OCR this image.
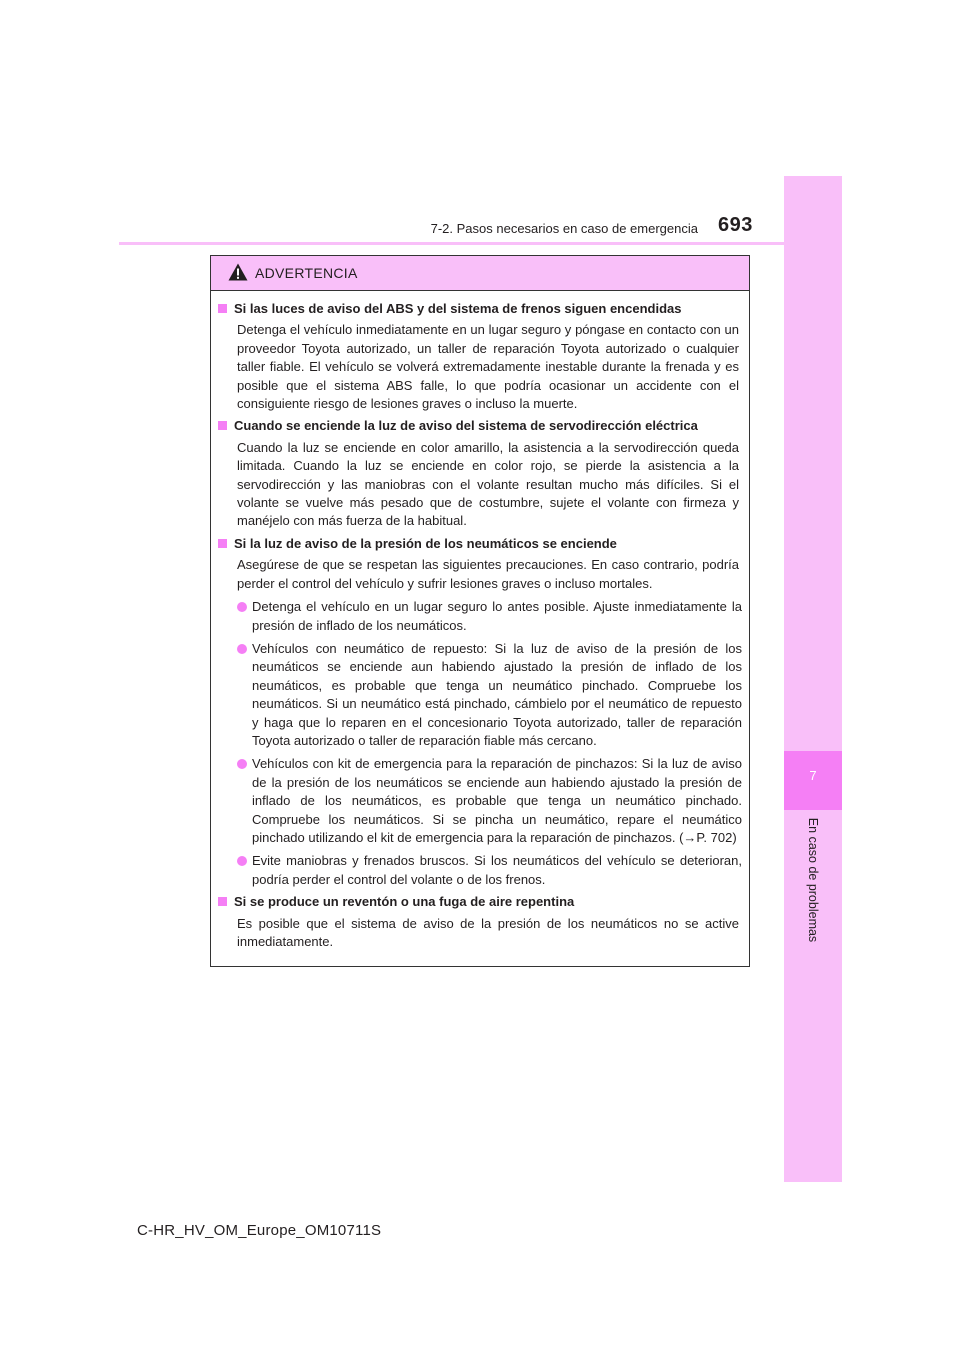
7
En caso de problemas
7-2. Pasos necesarios en caso de emergencia 693
ADVERTENCIA
Si las luces de aviso del ABS y del sistema de frenos siguen encendidas
Detenga el vehículo inmediatamente en un lugar seguro y póngase en contacto con un proveedor Toyota autorizado, un taller de reparación Toyota autorizado o cualquier taller fiable. El vehículo se volverá extremadamente inestable durante la frenada y es posible que el sistema ABS falle, lo que podría ocasionar un accidente con el consiguiente riesgo de lesiones graves o incluso la muerte.
Cuando se enciende la luz de aviso del sistema de servodirección eléctrica
Cuando la luz se enciende en color amarillo, la asistencia a la servodirección queda limitada. Cuando la luz se enciende en color rojo, se pierde la asistencia a la servodirección y las maniobras con el volante resultan mucho más difíciles. Si el volante se vuelve más pesado que de costumbre, sujete el volante con firmeza y manéjelo con más fuerza de la habitual.
Si la luz de aviso de la presión de los neumáticos se enciende
Asegúrese de que se respetan las siguientes precauciones. En caso contrario, podría perder el control del vehículo y sufrir lesiones graves o incluso mortales.
Detenga el vehículo en un lugar seguro lo antes posible. Ajuste inmediatamente la presión de inflado de los neumáticos.
Vehículos con neumático de repuesto: Si la luz de aviso de la presión de los neumáticos se enciende aun habiendo ajustado la presión de inflado de los neumáticos, es probable que tenga un neumático pinchado. Compruebe los neumáticos. Si un neumático está pinchado, cámbielo por el neumático de repuesto y haga que lo reparen en el concesionario Toyota autorizado, taller de reparación Toyota autorizado o taller de reparación fiable más cercano.
Vehículos con kit de emergencia para la reparación de pinchazos: Si la luz de aviso de la presión de los neumáticos se enciende aun habiendo ajustado la presión de inflado de los neumáticos, es probable que tenga un neumático pinchado. Compruebe los neumáticos. Si se pincha un neumático, repare el neumático pinchado utilizando el kit de emergencia para la reparación de pinchazos. (→P. 702)
Evite maniobras y frenados bruscos. Si los neumáticos del vehículo se deterioran, podría perder el control del volante o de los frenos.
Si se produce un reventón o una fuga de aire repentina
Es posible que el sistema de aviso de la presión de los neumáticos no se active inmediatamente.
C-HR_HV_OM_Europe_OM10711S
